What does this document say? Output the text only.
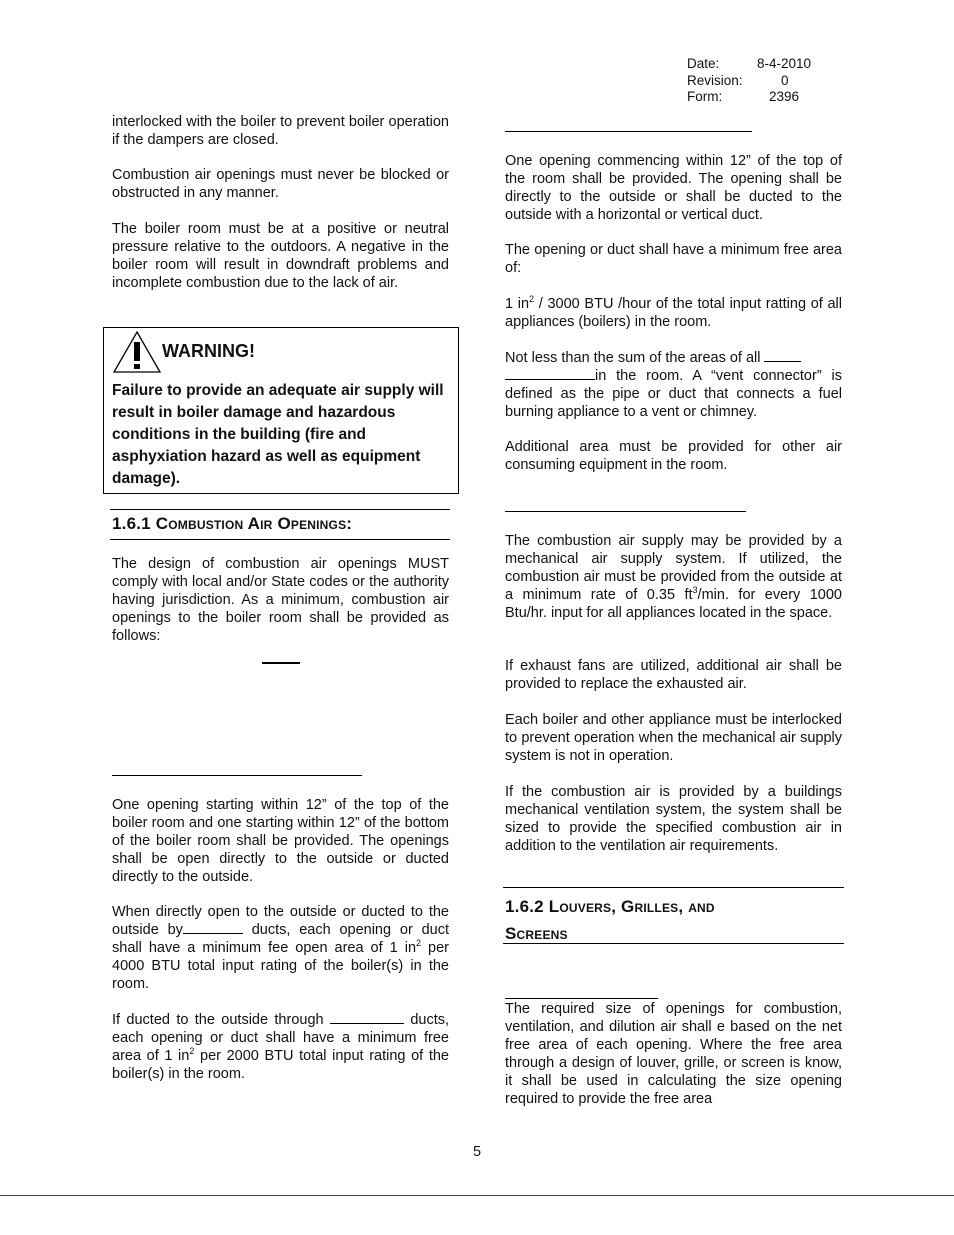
Date:	8-4-2010
Revision:	0
Form:	2396

interlocked with the boiler to prevent boiler operation if the dampers are closed.

Combustion air openings must never be blocked or obstructed in any manner.

The boiler room must be at a positive or neutral pressure relative to the outdoors. A negative in the boiler room will result in downdraft problems and incomplete combustion due to the lack of air.

WARNING!
Failure to provide an adequate air supply will result in boiler damage and hazardous conditions in the building (fire and asphyxiation hazard as well as equipment damage).
1.6.1 Combustion Air Openings:

The design of combustion air openings MUST comply with local and/or State codes or the authority having jurisdiction. As a minimum, combustion air openings to the boiler room shall be provided as follows:

One opening starting within 12” of the top of the boiler room and one starting within 12” of the bottom of the boiler room shall be provided. The openings shall be open directly to the outside or ducted directly to the outside.

When directly open to the outside or ducted to the outside by	ducts, each opening or duct shall have a minimum fee open area of 1 $in^2$ per 4000 BTU total input rating of the boiler(s) in the room.

If ducted to the outside through	ducts, each opening or duct shall have a minimum free area of 1 $in^2$ per 2000 BTU total input rating of the boiler(s) in the room.

One opening commencing within 12” of the top of the room shall be provided. The opening shall be directly to the outside or shall be ducted to the outside with a horizontal or vertical duct.

The opening or duct shall have a minimum free area of:

1 $in^2 / 3000$ BTU /hour of the total input ratting of all appliances (boilers) in the room.

Not less than the sum of the areas of all

in the room. A “vent connector” is defined as the pipe or duct that connects a fuel burning appliance to a vent or chimney.

Additional area must be provided for other air consuming equipment in the room.

The combustion air supply may be provided by a mechanical air supply system. If utilized, the combustion air must be provided from the outside at a minimum rate of 0.35 $ft^3/\min$. for every 1000 Btu/hr. input for all appliances located in the space.

If exhaust fans are utilized, additional air shall be provided to replace the exhausted air.

Each boiler and other appliance must be interlocked to prevent operation when the mechanical air supply system is not in operation.

If the combustion air is provided by a buildings mechanical ventilation system, the system shall be sized to provide the specified combustion air in addition to the ventilation air requirements.

1.6.2 Louvers, Grilles, and
Screens

The required size of openings for combustion, ventilation, and dilution air shall e based on the net free area of each opening. Where the free area through a design of louver, grille, or screen is know, it shall be used in calculating the size opening required to provide the free area

5
